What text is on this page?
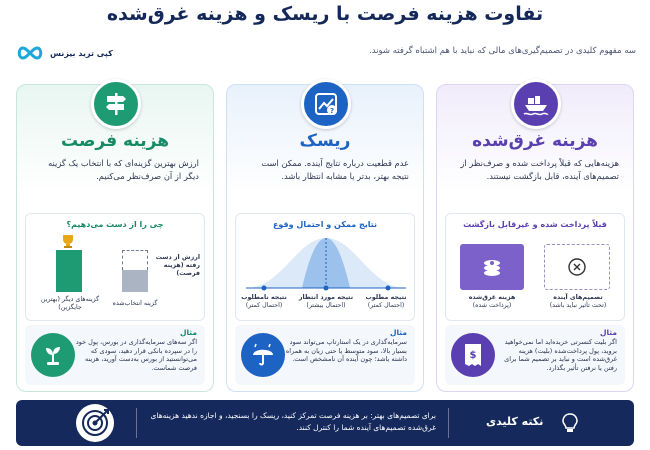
تفاوت هزینه فرصت با ریسک و هزینه غرق‌شده
سه مفهوم کلیدی در تصمیم‌گیری‌های مالی که نباید با هم اشتباه گرفته شوند.
کپی ترید بیزنس
هزینه فرصت
ارزش بهترین گزینه‌ای که با انتخاب یک گزینه دیگر از آن صرف‌نظر می‌کنیم.
چی را از دست می‌دهیم؟
ارزش از دست رفته (هزینه فرصت)
گزینه‌های دیگر (بهترین جایگزین)
گزینه انتخاب‌شده
مثال
اگر سه‌های سرمایه‌گذاری در بورس، پول خود را در سپرده بانکی قرار دهید، سودی که می‌توانستید از بورس به‌دست آورید، هزینه فرصت شماست.
?
ریسک
عدم قطعیت درباره نتایج آینده. ممکن است نتیجه بهتر، بدتر یا مشابه انتظار باشد.
نتایج ممکن و احتمال وقوع
نتیجه نامطلوب
(احتمال کمتر)
نتیجه مورد انتظار
(احتمال بیشتر)
نتیجه مطلوب
(احتمال کمتر)
مثال
سرمایه‌گذاری در یک استارتاپ می‌تواند سود بسیار بالا، سود متوسط یا حتی زیان به همراه داشته باشد؛ چون آینده آن نامشخص است.
هزینه غرق‌شده
هزینه‌هایی که قبلاً پرداخت شده و صرف‌نظر از تصمیم‌های آینده، قابل بازگشت نیستند.
قبلاً پرداخت شده و غیرقابل بازگشت
هزینه غرق‌شده
(پرداخت شده)
تصمیم‌های آینده
(تحت تأثیر نباید باشد)
$
مثال
اگر بلیت کنسرتی خریده‌اید اما نمی‌خواهید بروید، پول پرداخت‌شده (بلیت) هزینه غرق‌شده است و نباید بر تصمیم شما برای رفتن یا نرفتن تأثیر بگذارد.
نکته کلیدی
برای تصمیم‌های بهتر: بر هزینه فرصت تمرکز کنید، ریسک را بسنجید، و اجازه ندهید هزینه‌های غرق‌شده تصمیم‌های آینده شما را کنترل کنند.
